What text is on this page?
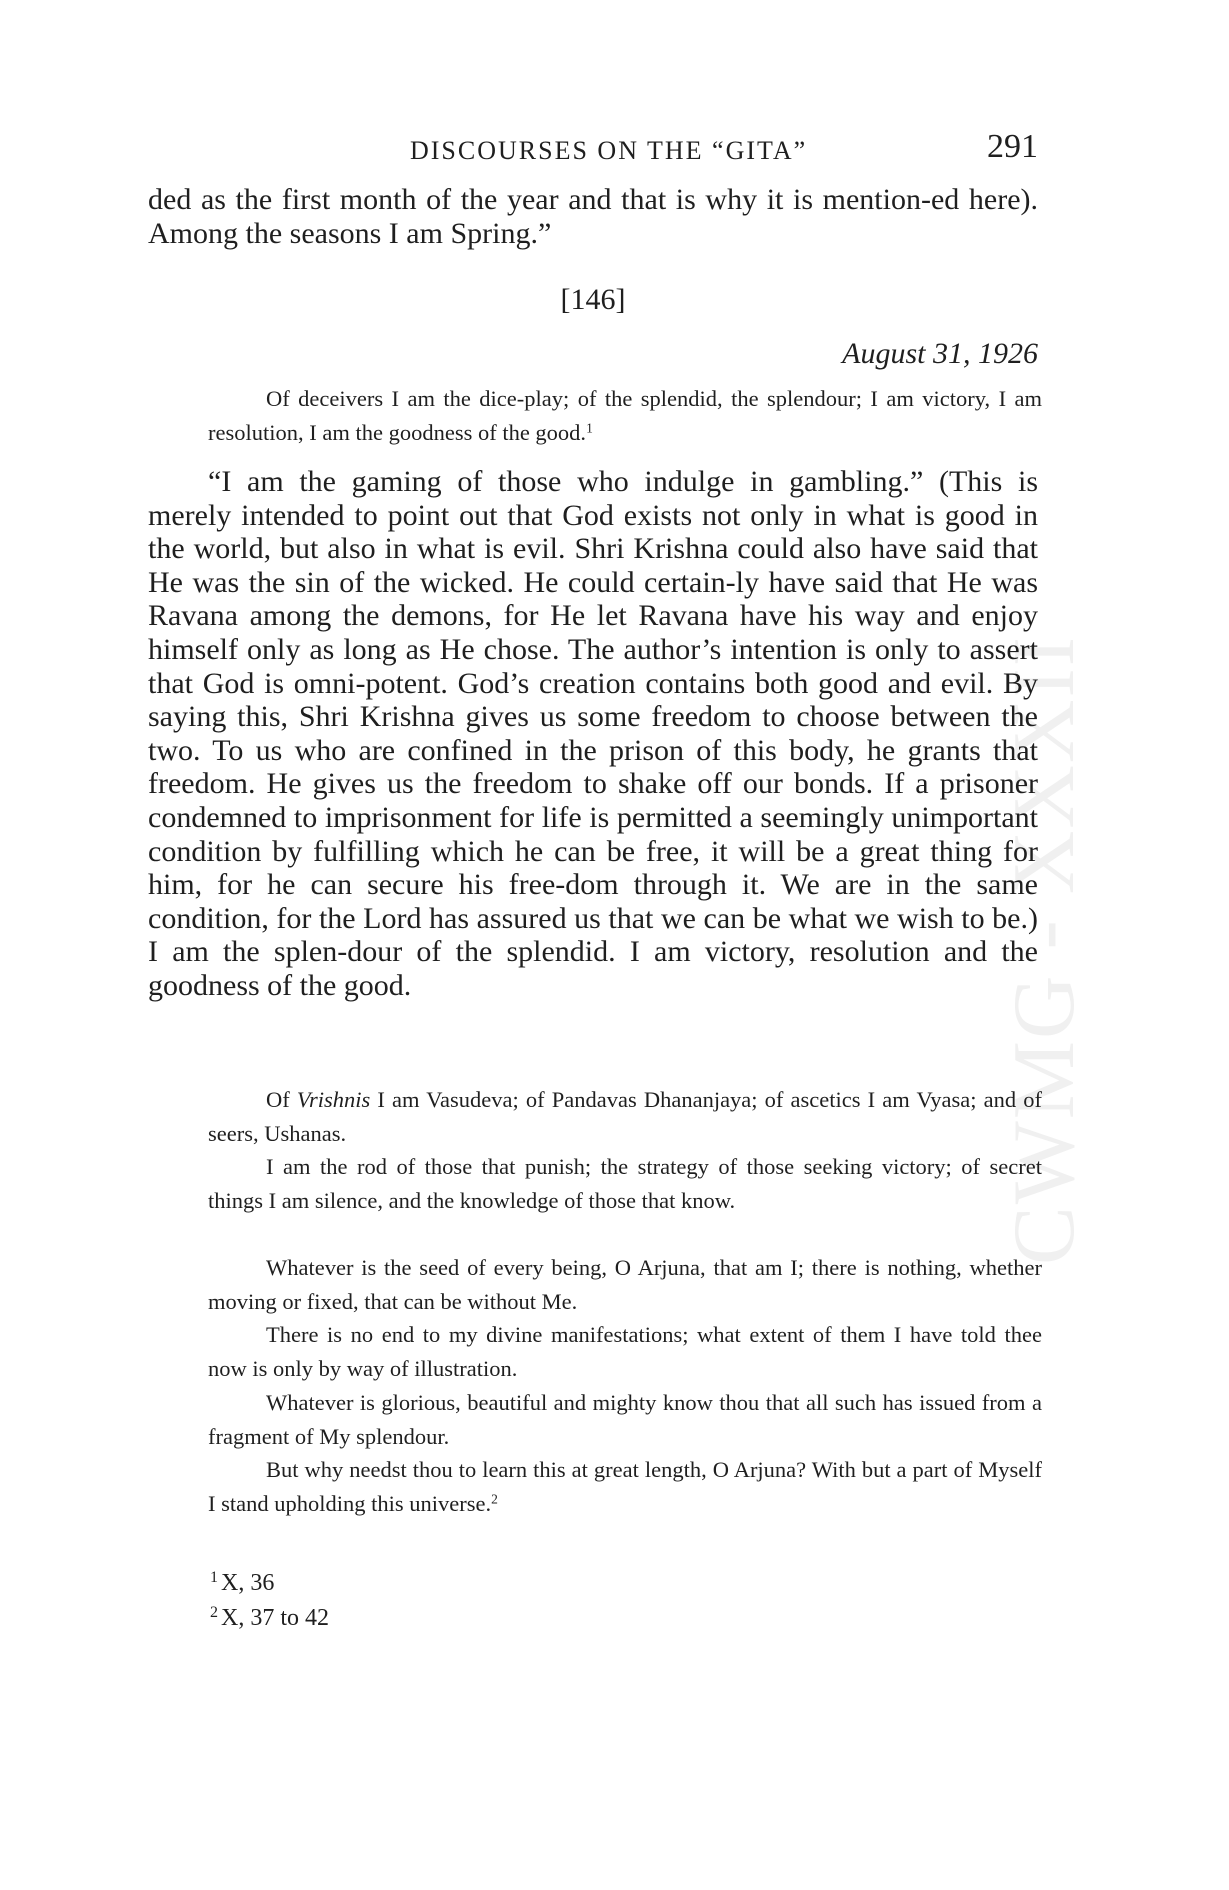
CWMG - XXXII
DISCOURSES ON THE “GITA”	291

ded as the first month of the year and that is why it is mention-ed here). Among the seasons I am Spring.”

[146]
August 31, 1926

Of deceivers I am the dice-play; of the splendid, the splendour; I am victory, I am resolution, I am the goodness of the good.$^1$

“I am the gaming of those who indulge in gambling.” (This is merely intended to point out that God exists not only in what is good in the world, but also in what is evil. Shri Krishna could also have said that He was the sin of the wicked. He could certain-ly have said that He was Ravana among the demons, for He let Ravana have his way and enjoy himself only as long as He chose. The author’s intention is only to assert that God is omni-potent. God’s creation contains both good and evil. By saying this, Shri Krishna gives us some freedom to choose between the two. To us who are confined in the prison of this body, he grants that freedom. He gives us the freedom to shake off our bonds. If a prisoner condemned to imprisonment for life is permitted a seemingly unimportant condition by fulfilling which he can be free, it will be a great thing for him, for he can secure his free-dom through it. We are in the same condition, for the Lord has assured us that we can be what we wish to be.) I am the splen-dour of the splendid. I am victory, resolution and the goodness of the good.

Of Vrishnis I am Vasudeva; of Pandavas Dhananjaya; of ascetics I am Vyasa; and of seers, Ushanas.

I am the rod of those that punish; the strategy of those seeking victory; of secret things I am silence, and the knowledge of those that know.

Whatever is the seed of every being, O Arjuna, that am I; there is nothing, whether moving or fixed, that can be without Me.

There is no end to my divine manifestations; what extent of them I have told thee now is only by way of illustration.

Whatever is glorious, beautiful and mighty know thou that all such has issued from a fragment of My splendour.

But why needst thou to learn this at great length, O Arjuna? With but a part of Myself I stand upholding this universe.$^2$

$^1$ X, 36
$^2$ X, 37 to 42
